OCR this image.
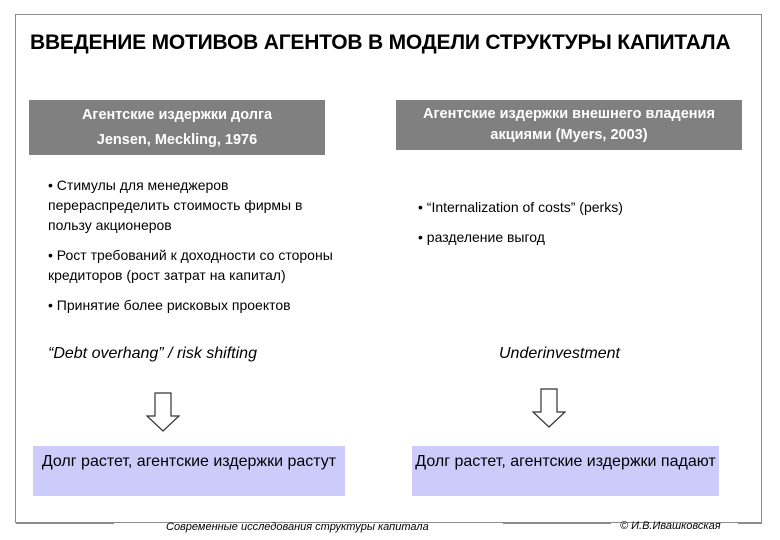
ВВЕДЕНИЕ МОТИВОВ АГЕНТОВ В МОДЕЛИ СТРУКТУРЫ КАПИТАЛА
Агентские издержки долга
Jensen, Meckling, 1976
Агентские издержки внешнего владения акциями (Myers, 2003)
• Стимулы для менеджеров перераспределить стоимость фирмы в пользу акционеров
• Рост требований к доходности со стороны кредиторов (рост затрат на капитал)
• Принятие более рисковых проектов
• “Internalization of costs” (perks)
• разделение выгод
“Debt overhang” / risk shifting	Underinvestment
Долг растет, агентские издержки растут	Долг растет, агентские издержки падают
Современные исследования структуры капитала	© И.В.Ивашковская
